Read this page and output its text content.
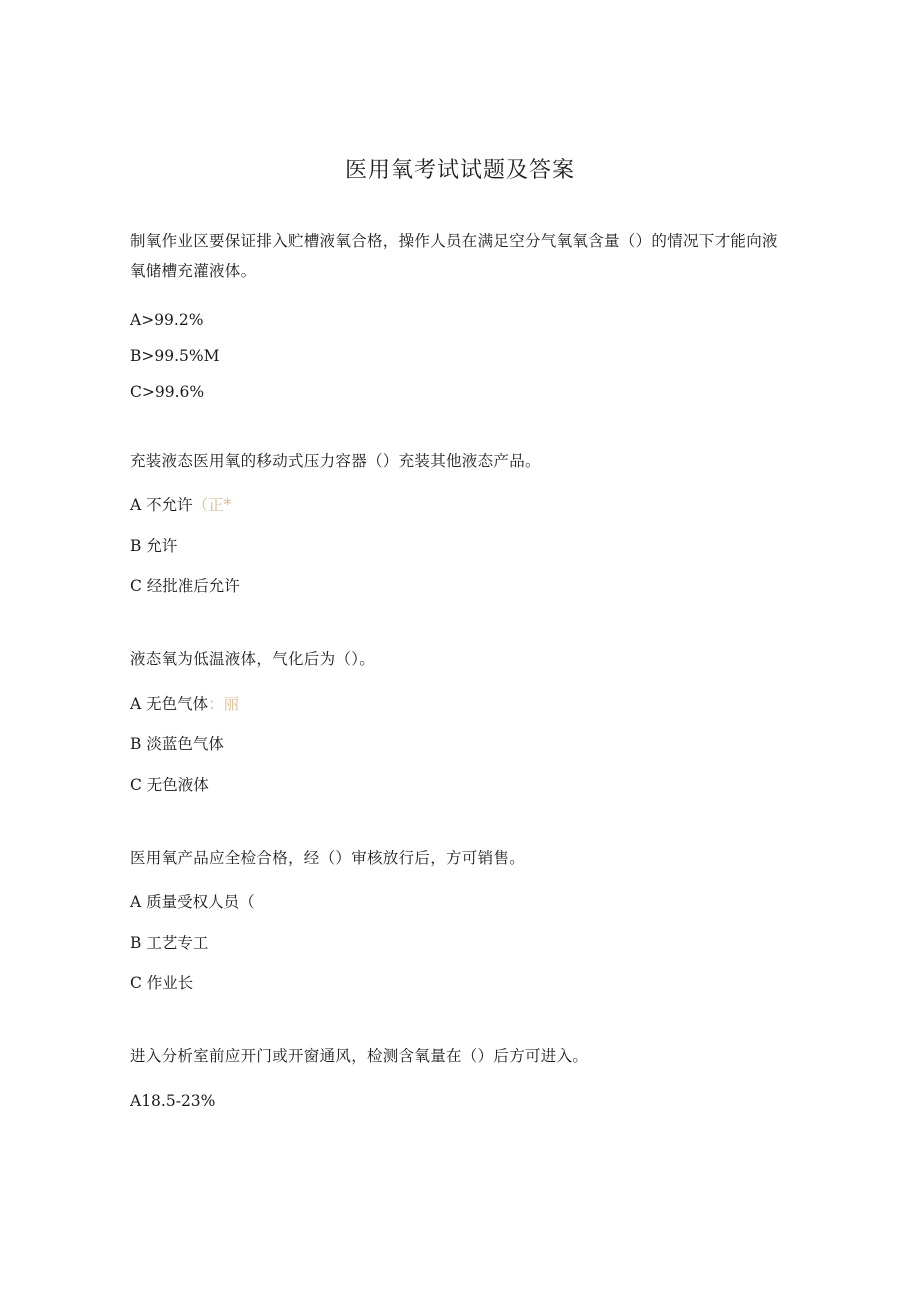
医用氧考试试题及答案
制氧作业区要保证排入贮槽液氧合格，操作人员在满足空分气氧氧含量（）的情况下才能向液氧储槽充灌液体。
A>99.2%
B>99.5%M
C>99.6%
充装液态医用氧的移动式压力容器（）充装其他液态产品。
A 不允许（正*
B 允许
C 经批准后允许
液态氧为低温液体，气化后为（）。
A 无色气体：丽
B 淡蓝色气体
C 无色液体
医用氧产品应全检合格，经（）审核放行后，方可销售。
A 质量受权人员（
B 工艺专工
C 作业长
进入分析室前应开门或开窗通风，检测含氧量在（）后方可进入。
A18.5-23%
